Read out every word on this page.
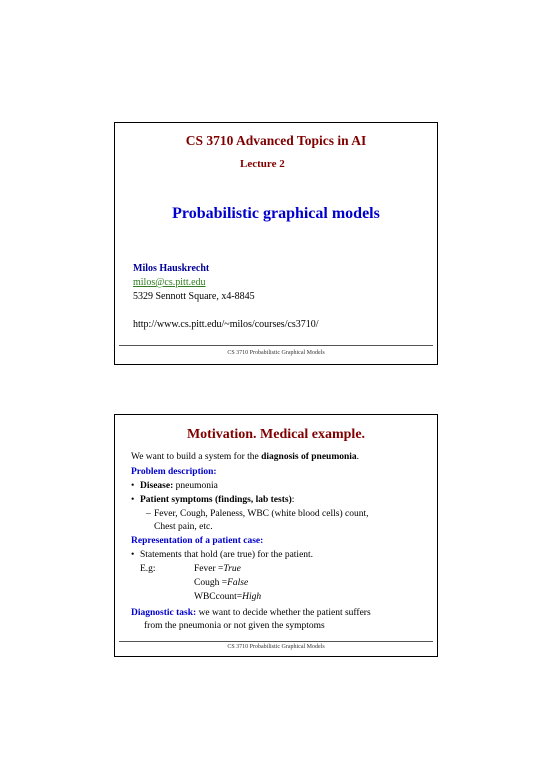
CS 3710 Advanced Topics in AI
Lecture 2
Probabilistic graphical models
Milos Hauskrecht
milos@cs.pitt.edu
5329 Sennott Square, x4-8845
http://www.cs.pitt.edu/~milos/courses/cs3710/
CS 3710 Probabilistic Graphical Models
Motivation. Medical example.
We want to build a system for the diagnosis of pneumonia.
Problem description:
• Disease: pneumonia
• Patient symptoms (findings, lab tests):
– Fever, Cough, Paleness, WBC (white blood cells) count,
Chest pain, etc.
Representation of a patient case:
• Statements that hold (are true) for the patient.
E.g:	Fever =True
Cough =False
WBCcount=High
Diagnostic task: we want to decide whether the patient suffers
from the pneumonia or not given the symptoms
CS 3710 Probabilistic Graphical Models
